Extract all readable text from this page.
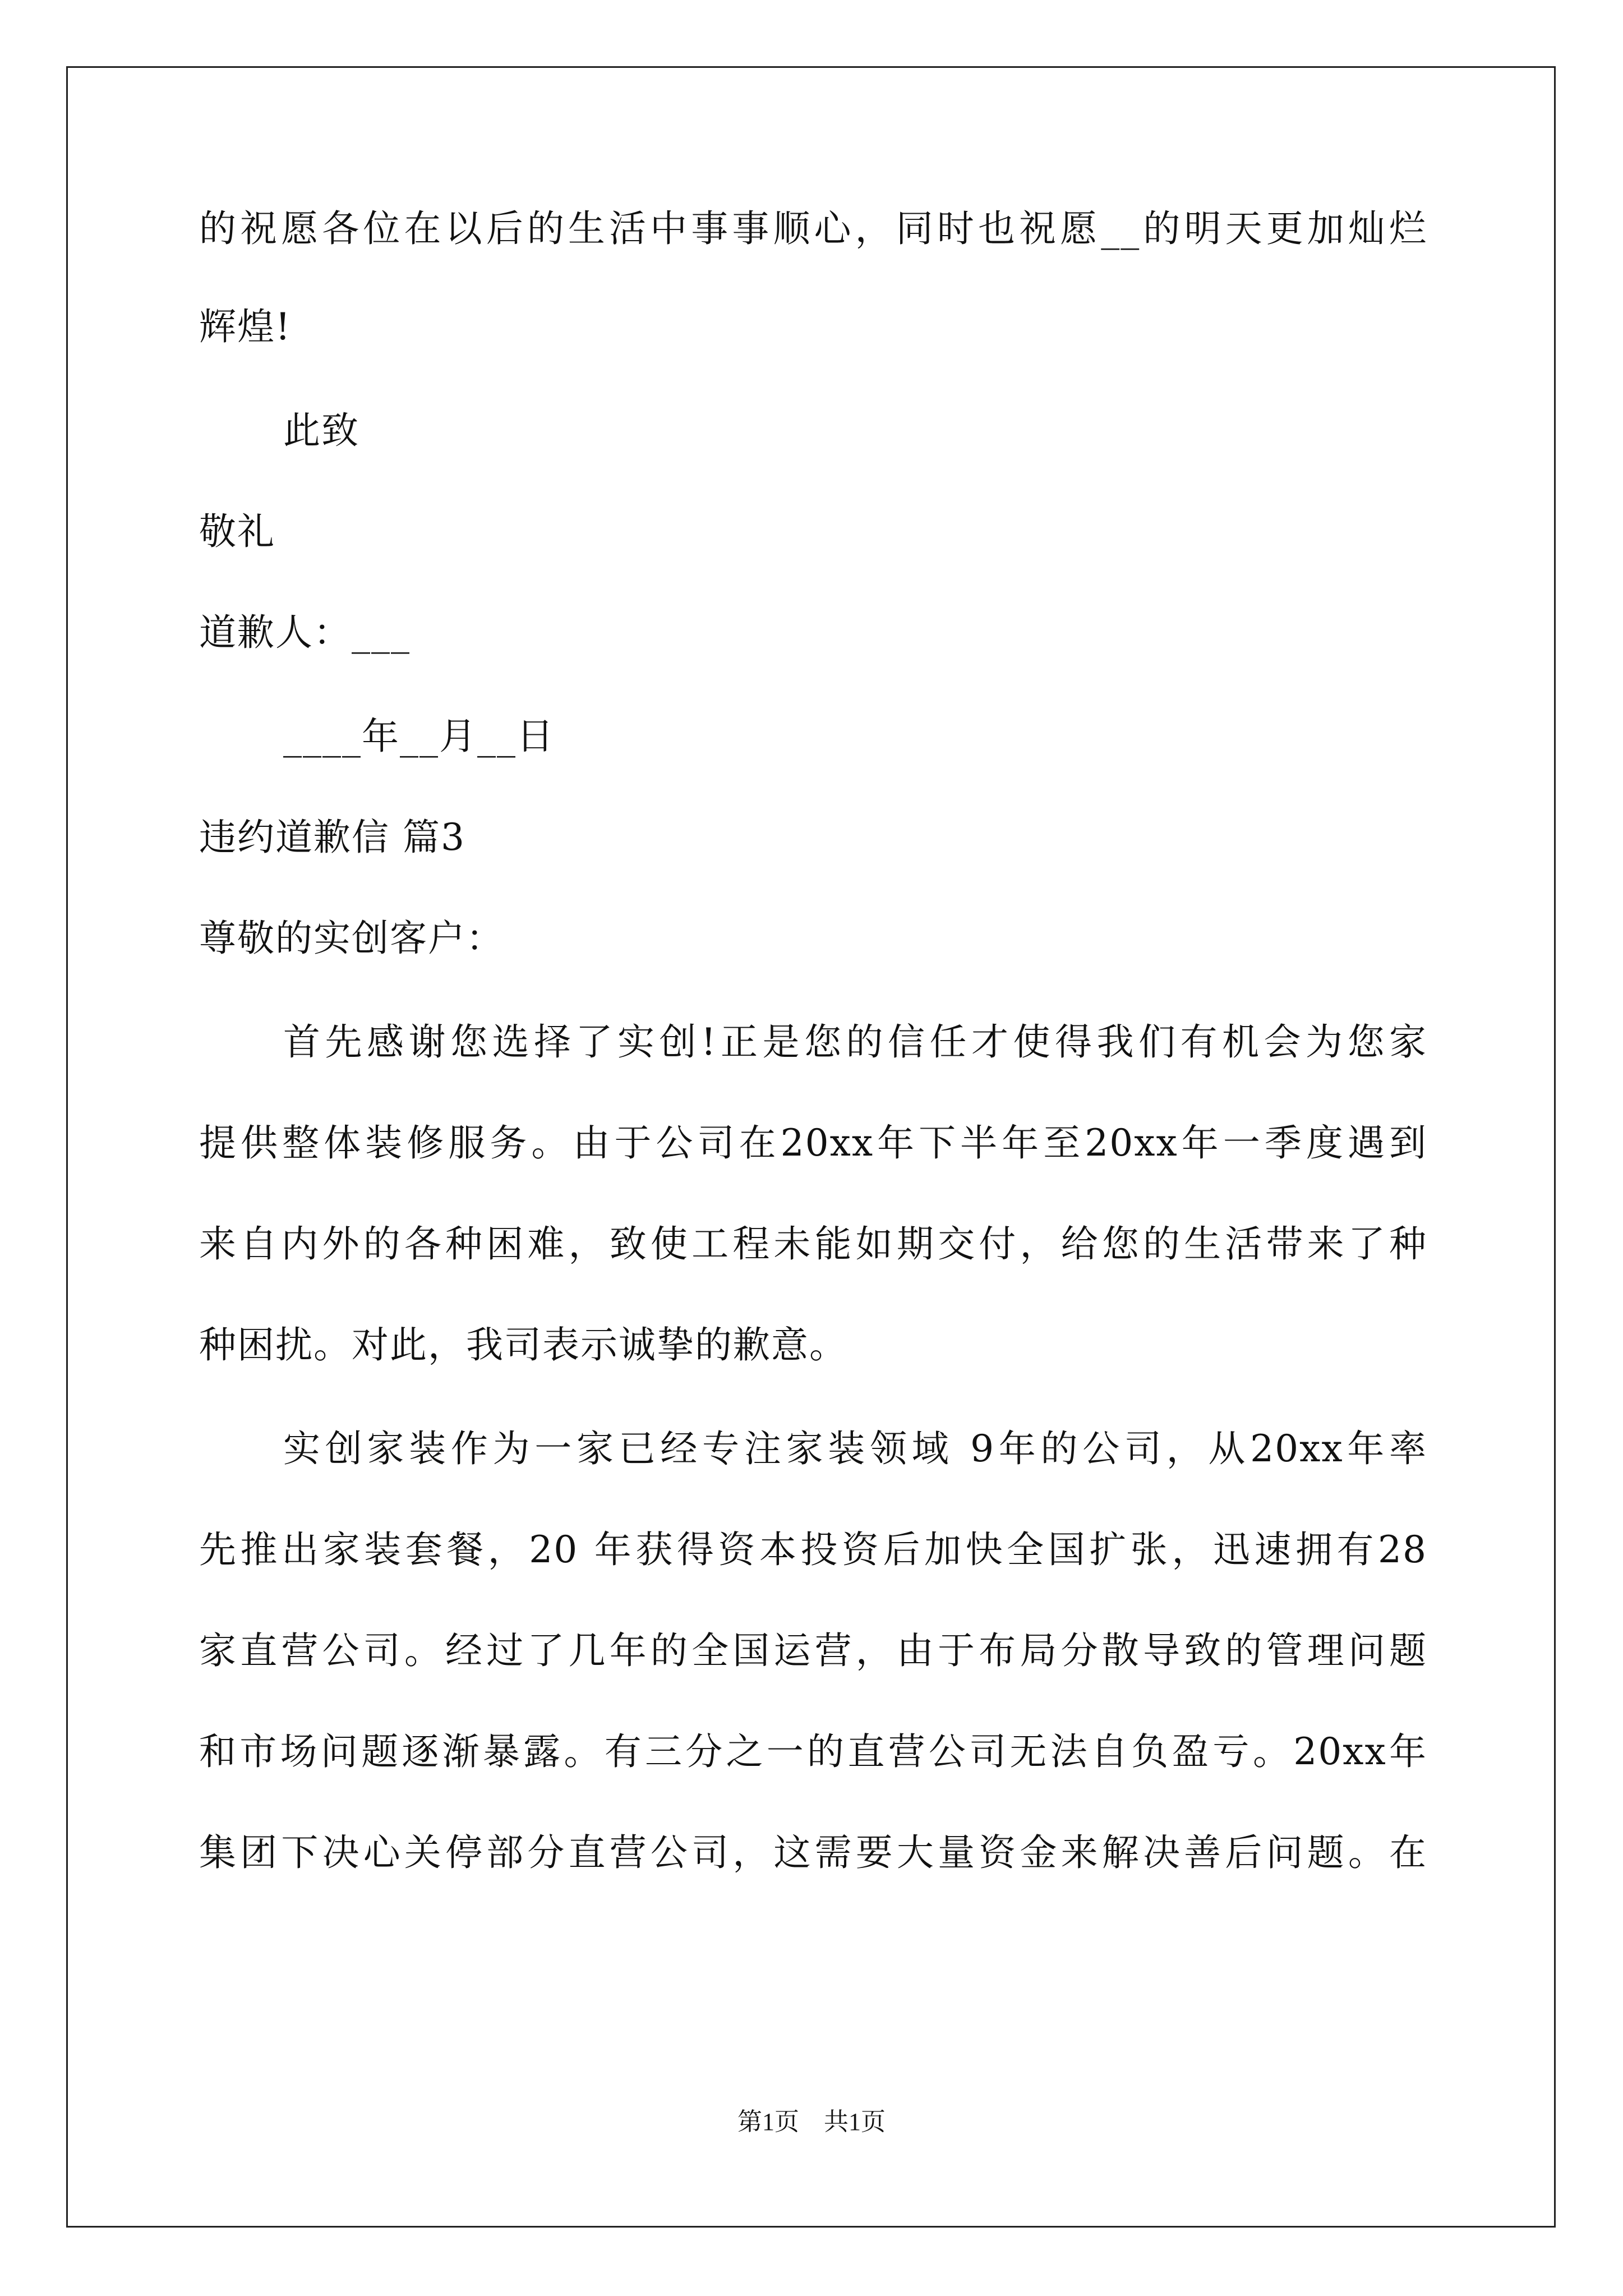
的祝愿各位在以后的生活中事事顺心，同时也祝愿__的明天更加灿烂
辉煌!
此致
敬礼
道歉人：___
____年__月__日
违约道歉信 篇3
尊敬的实创客户：
首先感谢您选择了实创!正是您的信任才使得我们有机会为您家
提供整体装修服务。由于公司在20xx年下半年至20xx年一季度遇到
来自内外的各种困难，致使工程未能如期交付，给您的生活带来了种
种困扰。对此，我司表示诚挚的歉意。
实创家装作为一家已经专注家装领域 9年的公司，从20xx年率
先推出家装套餐，20 年获得资本投资后加快全国扩张，迅速拥有28
家直营公司。经过了几年的全国运营，由于布局分散导致的管理问题
和市场问题逐渐暴露。有三分之一的直营公司无法自负盈亏。20xx年
集团下决心关停部分直营公司，这需要大量资金来解决善后问题。在
第1页　共1页
